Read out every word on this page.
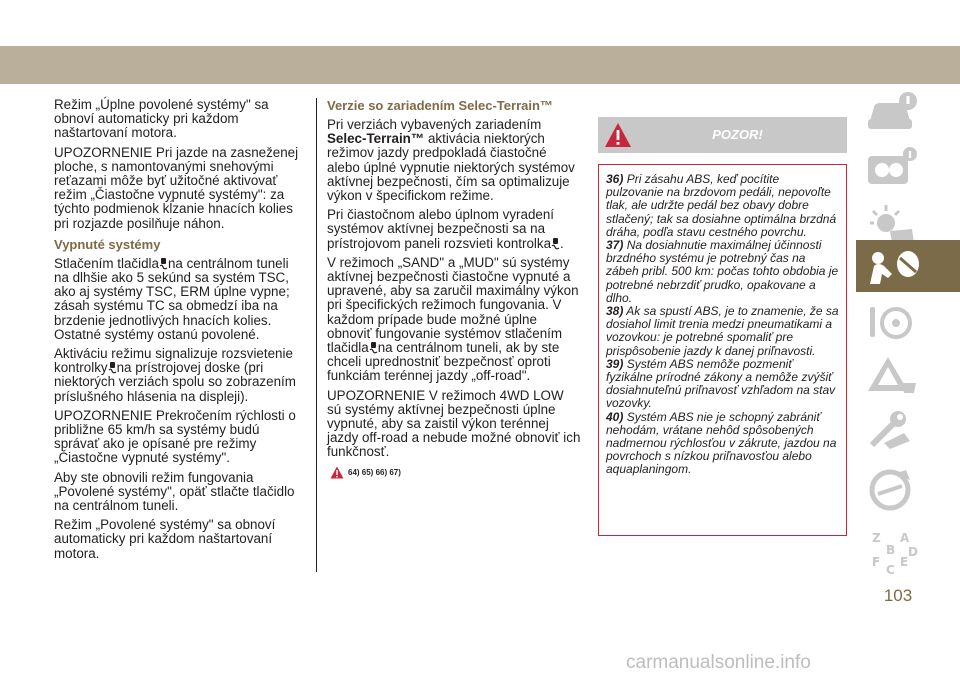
Režim „Úplne povolené systémy" sa obnoví automaticky pri každom naštartovaní motora.

UPOZORNENIE Pri jazde na zasneženej ploche, s namontovanými snehovými reťazami môže byť užitočné aktivovať režim „Čiastočne vypnuté systémy": za týchto podmienok kĺzanie hnacích kolies pri rozjazde posilňuje náhon.

Vypnuté systémy

Stlačením tlačidla na centrálnom tuneli na dlhšie ako 5 sekúnd sa systém TSC, ako aj systémy TSC, ERM úplne vypne; zásah systému TC sa obmedzí iba na brzdenie jednotlivých hnacích kolies. Ostatné systémy ostanú povolené.

Aktiváciu režimu signalizuje rozsvietenie kontrolky na prístrojovej doske (pri niektorých verziách spolu so zobrazením príslušného hlásenia na displeji).

UPOZORNENIE Prekročením rýchlosti o približne 65 km/h sa systémy budú správať ako je opísané pre režimy „Čiastočne vypnuté systémy".

Aby ste obnovili režim fungovania „Povolené systémy", opäť stlačte tlačidlo na centrálnom tuneli.

Režim „Povolené systémy" sa obnoví automaticky pri každom naštartovaní motora.

Verzie so zariadením Selec-Terrain™

Pri verziách vybavených zariadením Selec-Terrain™ aktivácia niektorých režimov jazdy predpokladá čiastočné alebo úplné vypnutie niektorých systémov aktívnej bezpečnosti, čím sa optimalizuje výkon v špecifickom režime.

Pri čiastočnom alebo úplnom vyradení systémov aktívnej bezpečnosti sa na prístrojovom paneli rozsvieti kontrolka .

V režimoch „SAND" a „MUD" sú systémy aktívnej bezpečnosti čiastočne vypnuté a upravené, aby sa zaručil maximálny výkon pri špecifických režimoch fungovania. V každom prípade bude možné úplne obnoviť fungovanie systémov stlačením tlačidla na centrálnom tuneli, ak by ste chceli uprednostniť bezpečnosť oproti funkciám terénnej jazdy „off-road".

UPOZORNENIE V režimoch 4WD LOW sú systémy aktívnej bezpečnosti úplne vypnuté, aby sa zaistil výkon terénnej jazdy off-road a nebude možné obnoviť ich funkčnosť.

64) 65) 66) 67)
POZOR!

36) Pri zásahu ABS, keď pocítite pulzovanie na brzdovom pedáli, nepovoľte tlak, ale udržte pedál bez obavy dobre stlačený; tak sa dosiahne optimálna brzdná dráha, podľa stavu cestného povrchu.

37) Na dosiahnutie maximálnej účinnosti brzdného systému je potrebný čas na zábeh pribl. 500 km: počas tohto obdobia je potrebné nebrzdiť prudko, opakovane a dlho.

38) Ak sa spustí ABS, je to znamenie, že sa dosiahol limit trenia medzi pneumatikami a vozovkou: je potrebné spomaliť pre prispôsobenie jazdy k danej priľnavosti.

39) Systém ABS nemôže pozmeniť fyzikálne prírodné zákony a nemôže zvýšiť dosiahnuteľnú priľnavosť vzhľadom na stav vozovky.

40) Systém ABS nie je schopný zabrániť nehodám, vrátane nehôd spôsobených nadmernou rýchlosťou v zákrute, jazdou na povrchoch s nízkou priľnavosťou alebo aquaplaningom.

Z
B
A
F
C
E
D
103
carmanualsonline.info
